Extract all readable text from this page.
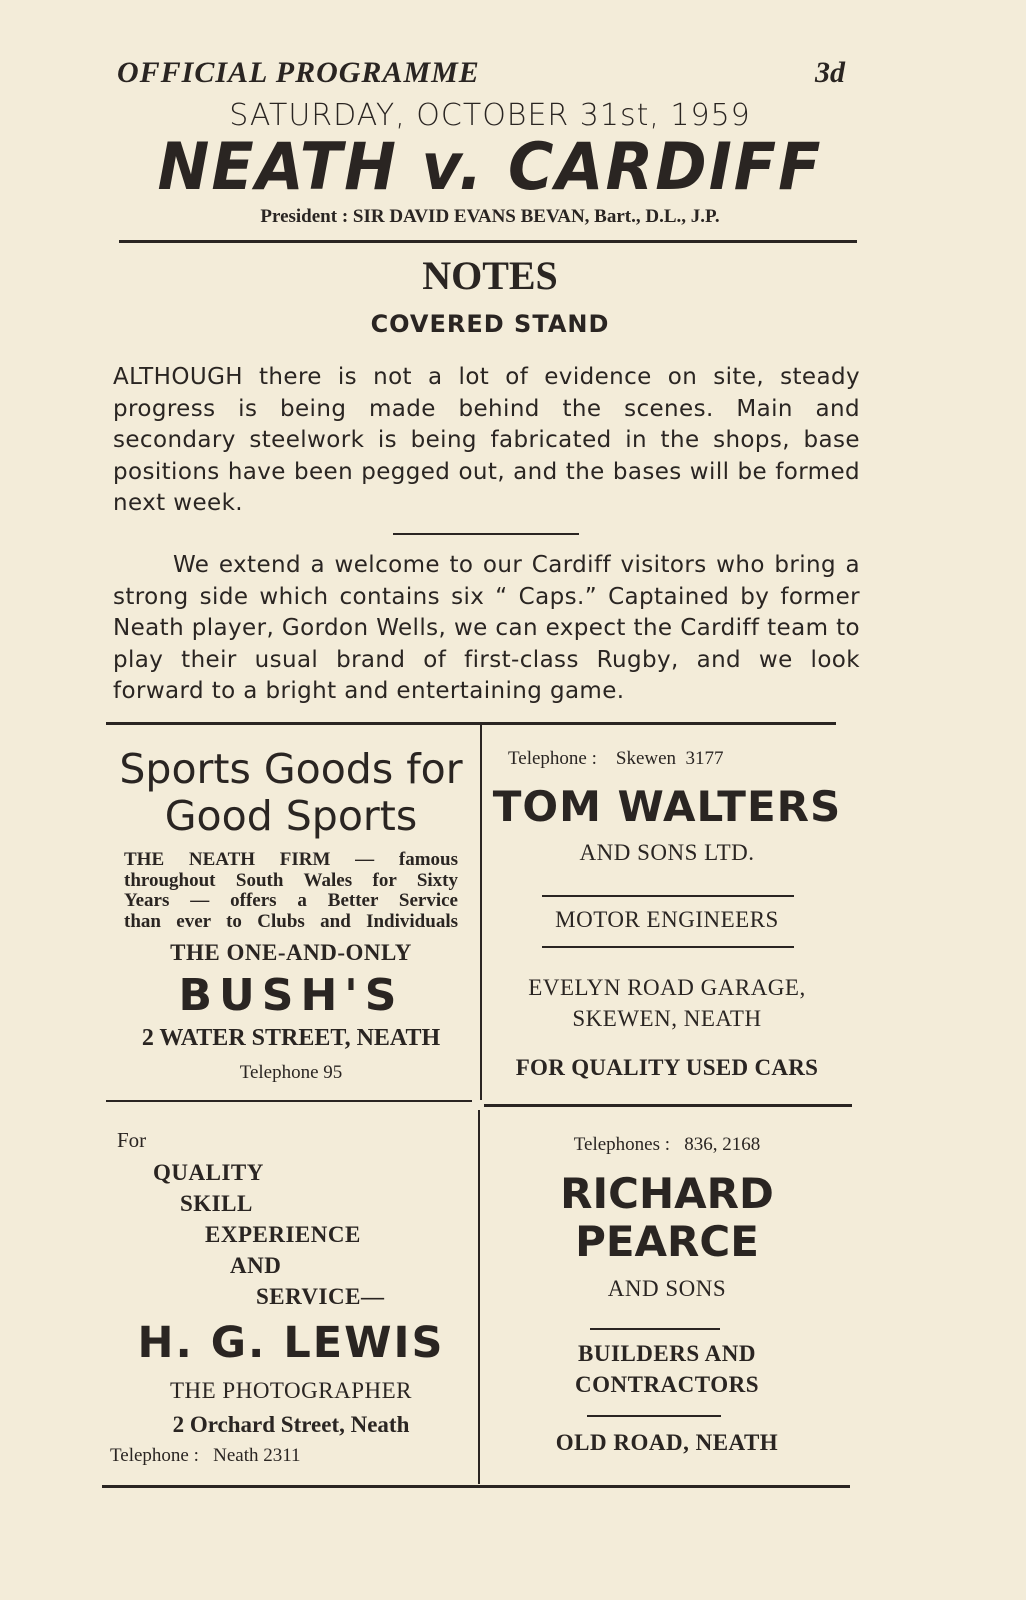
OFFICIAL PROGRAMME	3d
SATURDAY, OCTOBER 31st, 1959
NEATH v. CARDIFF
President : SIR DAVID EVANS BEVAN, Bart., D.L., J.P.
NOTES
COVERED STAND
ALTHOUGH there is not a lot of evidence on site, steady progress is being made behind the scenes. Main and secondary steelwork is being fabricated in the shops, base positions have been pegged out, and the bases will be formed next week.
We extend a welcome to our Cardiff visitors who bring a strong side which contains six “ Caps.” Captained by former Neath player, Gordon Wells, we can expect the Cardiff team to play their usual brand of first-class Rugby, and we look forward to a bright and entertaining game.
Sports Goods for
Good Sports
THE NEATH FIRM — famous
throughout South Wales for Sixty
Years — offers a Better Service
than ever to Clubs and Individuals
THE ONE-AND-ONLY
BUSH'S
2 WATER STREET, NEATH
Telephone 95
Telephone :    Skewen  3177
TOM WALTERS
AND SONS LTD.
MOTOR ENGINEERS
EVELYN ROAD GARAGE,
SKEWEN, NEATH
FOR QUALITY USED CARS
For
QUALITY
SKILL
EXPERIENCE
AND
SERVICE—
H. G. LEWIS
THE PHOTOGRAPHER
2 Orchard Street, Neath
Telephone :   Neath 2311
Telephones :   836, 2168
RICHARD
PEARCE
AND SONS
BUILDERS AND
CONTRACTORS
OLD ROAD, NEATH
